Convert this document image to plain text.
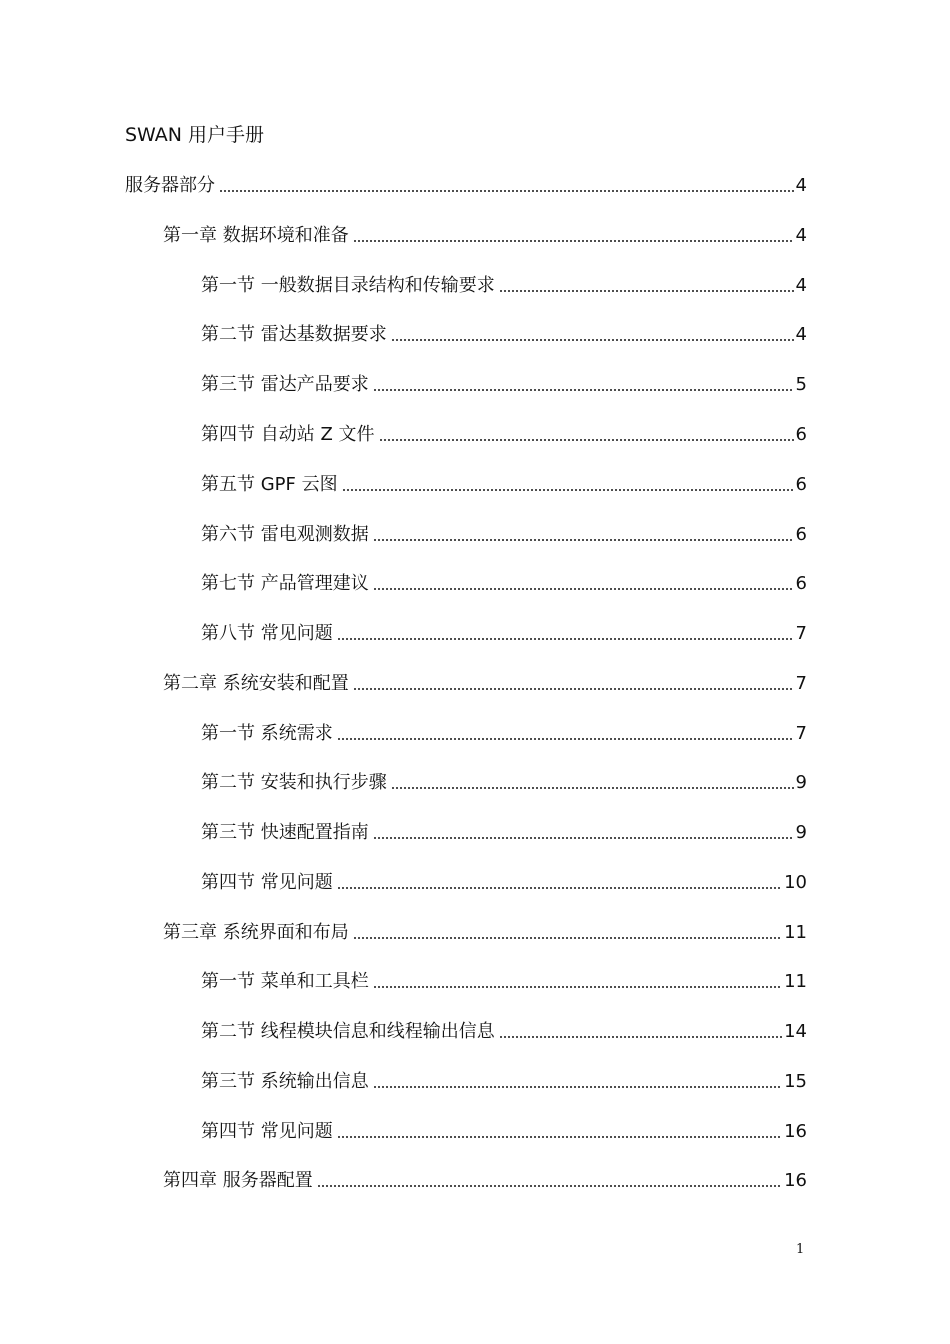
SWAN 用户手册
服务器部分	4
第一章 数据环境和准备	4
第一节 一般数据目录结构和传输要求	4
第二节 雷达基数据要求	4
第三节 雷达产品要求	5
第四节 自动站 Z 文件	6
第五节 GPF 云图	6
第六节 雷电观测数据	6
第七节 产品管理建议	6
第八节 常见问题	7
第二章 系统安装和配置	7
第一节 系统需求	7
第二节 安装和执行步骤	9
第三节 快速配置指南	9
第四节 常见问题	10
第三章 系统界面和布局	11
第一节 菜单和工具栏	11
第二节 线程模块信息和线程输出信息	14
第三节 系统输出信息	15
第四节 常见问题	16
第四章 服务器配置	16
1
